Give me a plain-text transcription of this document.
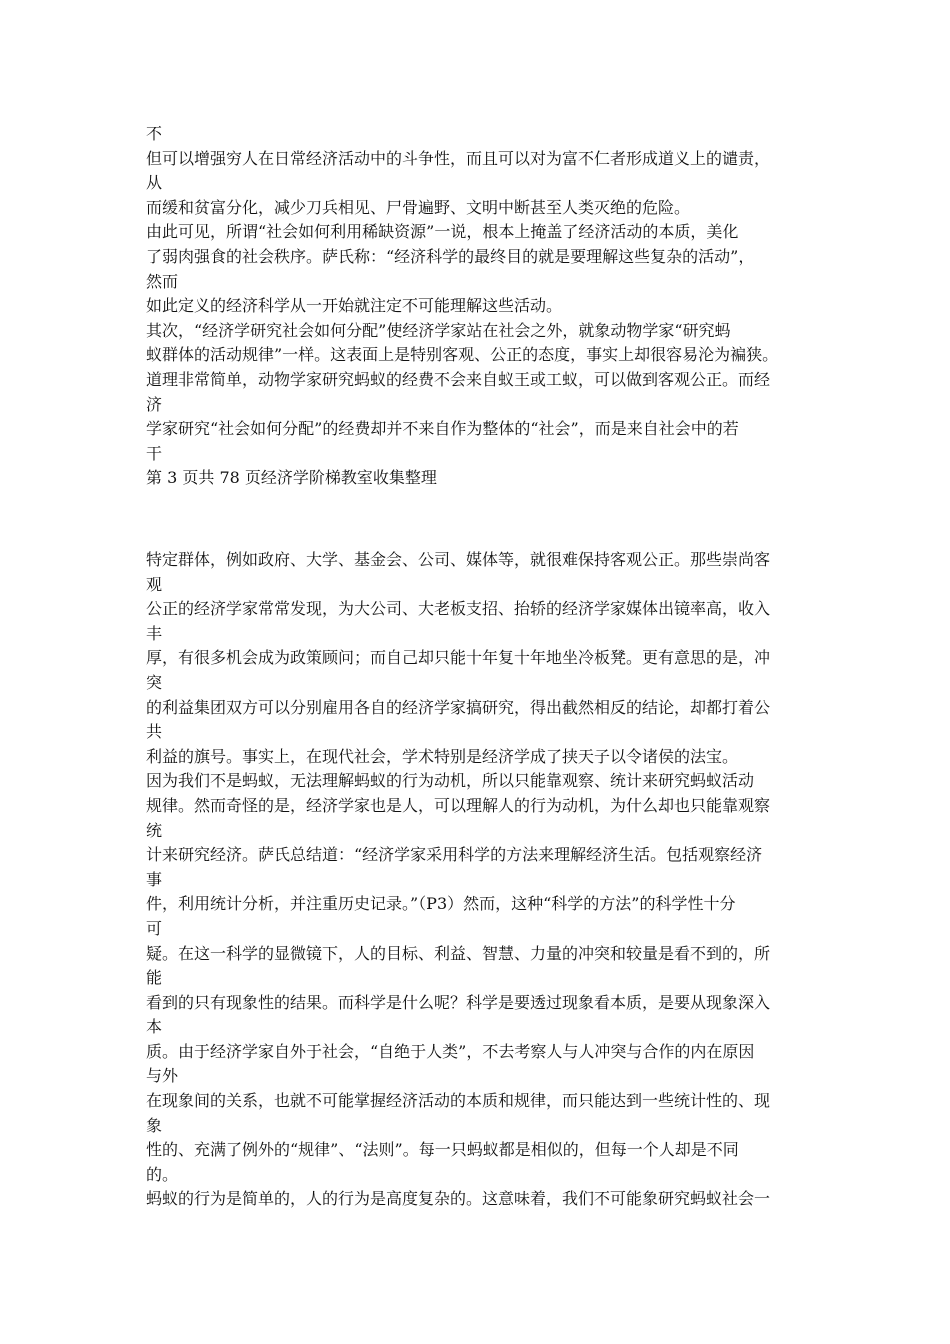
不
但可以增强穷人在日常经济活动中的斗争性，而且可以对为富不仁者形成道义上的谴责，
从
而缓和贫富分化，减少刀兵相见、尸骨遍野、文明中断甚至人类灭绝的危险。
由此可见，所谓“社会如何利用稀缺资源”一说，根本上掩盖了经济活动的本质，美化
了弱肉强食的社会秩序。萨氏称：“经济科学的最终目的就是要理解这些复杂的活动”，
然而
如此定义的经济科学从一开始就注定不可能理解这些活动。
其次，“经济学研究社会如何分配”使经济学家站在社会之外，就象动物学家“研究蚂
蚁群体的活动规律”一样。这表面上是特别客观、公正的态度，事实上却很容易沦为褊狭。
道理非常简单，动物学家研究蚂蚁的经费不会来自蚁王或工蚁，可以做到客观公正。而经
济
学家研究“社会如何分配”的经费却并不来自作为整体的“社会”，而是来自社会中的若
干
第 3 页共 78 页经济学阶梯教室收集整理
特定群体，例如政府、大学、基金会、公司、媒体等，就很难保持客观公正。那些崇尚客
观
公正的经济学家常常发现，为大公司、大老板支招、抬轿的经济学家媒体出镜率高，收入
丰
厚，有很多机会成为政策顾问；而自己却只能十年复十年地坐冷板凳。更有意思的是，冲
突
的利益集团双方可以分别雇用各自的经济学家搞研究，得出截然相反的结论，却都打着公
共
利益的旗号。事实上，在现代社会，学术特别是经济学成了挟天子以令诸侯的法宝。
因为我们不是蚂蚁，无法理解蚂蚁的行为动机，所以只能靠观察、统计来研究蚂蚁活动
规律。然而奇怪的是，经济学家也是人，可以理解人的行为动机，为什么却也只能靠观察
统
计来研究经济。萨氏总结道：“经济学家采用科学的方法来理解经济生活。包括观察经济
事
件，利用统计分析，并注重历史记录。”（P3）然而，这种“科学的方法”的科学性十分
可
疑。在这一科学的显微镜下，人的目标、利益、智慧、力量的冲突和较量是看不到的，所
能
看到的只有现象性的结果。而科学是什么呢？科学是要透过现象看本质，是要从现象深入
本
质。由于经济学家自外于社会，“自绝于人类”，不去考察人与人冲突与合作的内在原因
与外
在现象间的关系，也就不可能掌握经济活动的本质和规律，而只能达到一些统计性的、现
象
性的、充满了例外的“规律”、“法则”。每一只蚂蚁都是相似的，但每一个人却是不同
的。
蚂蚁的行为是简单的，人的行为是高度复杂的。这意味着，我们不可能象研究蚂蚁社会一
